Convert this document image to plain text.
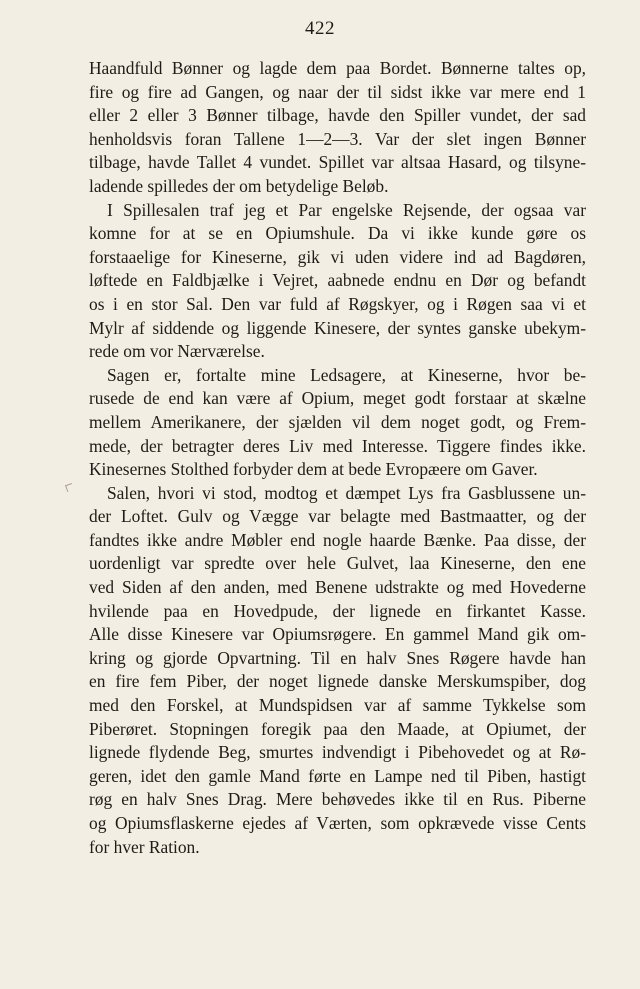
422
Haandfuld Bønner og lagde dem paa Bordet. Bønnerne taltes op,
fire og fire ad Gangen, og naar der til sidst ikke var mere end 1
eller 2 eller 3 Bønner tilbage, havde den Spiller vundet, der sad
henholdsvis foran Tallene 1—2—3. Var der slet ingen Bønner
tilbage, havde Tallet 4 vundet. Spillet var altsaa Hasard, og tilsyne-
ladende spilledes der om betydelige Beløb.
I Spillesalen traf jeg et Par engelske Rejsende, der ogsaa var
komne for at se en Opiumshule. Da vi ikke kunde gøre os
forstaaelige for Kineserne, gik vi uden videre ind ad Bagdøren,
løftede en Faldbjælke i Vejret, aabnede endnu en Dør og befandt
os i en stor Sal. Den var fuld af Røgskyer, og i Røgen saa vi et
Mylr af siddende og liggende Kinesere, der syntes ganske ubekym-
rede om vor Nærværelse.
Sagen er, fortalte mine Ledsagere, at Kineserne, hvor be-
rusede de end kan være af Opium, meget godt forstaar at skælne
mellem Amerikanere, der sjælden vil dem noget godt, og Frem-
mede, der betragter deres Liv med Interesse. Tiggere findes ikke.
Kinesernes Stolthed forbyder dem at bede Evropæere om Gaver.
Salen, hvori vi stod, modtog et dæmpet Lys fra Gasblussene un-
der Loftet. Gulv og Vægge var belagte med Bastmaatter, og der
fandtes ikke andre Møbler end nogle haarde Bænke. Paa disse, der
uordenligt var spredte over hele Gulvet, laa Kineserne, den ene
ved Siden af den anden, med Benene udstrakte og med Hovederne
hvilende paa en Hovedpude, der lignede en firkantet Kasse.
Alle disse Kinesere var Opiumsrøgere. En gammel Mand gik om-
kring og gjorde Opvartning. Til en halv Snes Røgere havde han
en fire fem Piber, der noget lignede danske Merskumspiber, dog
med den Forskel, at Mundspidsen var af samme Tykkelse som
Piberøret. Stopningen foregik paa den Maade, at Opiumet, der
lignede flydende Beg, smurtes indvendigt i Pibehovedet og at Rø-
geren, idet den gamle Mand førte en Lampe ned til Piben, hastigt
røg en halv Snes Drag. Mere behøvedes ikke til en Rus. Piberne
og Opiumsflaskerne ejedes af Værten, som opkrævede visse Cents
for hver Ration.
